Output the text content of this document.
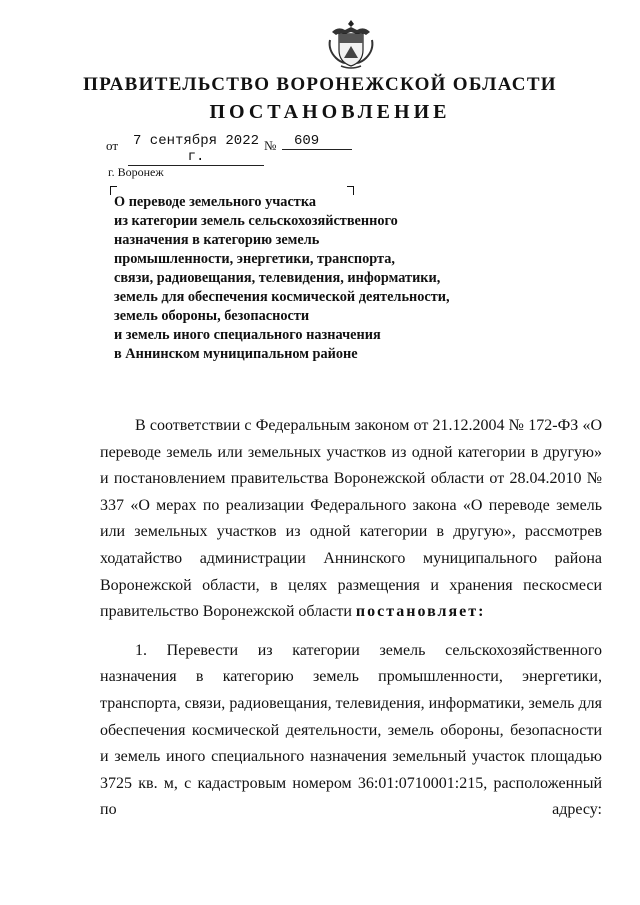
ПРАВИТЕЛЬСТВО ВОРОНЕЖСКОЙ ОБЛАСТИ
ПОСТАНОВЛЕНИЕ
от	7 сентября 2022 г.
№	609
г. Воронеж
О переводе земельного участка
из категории земель сельскохозяйственного
назначения в категорию земель
промышленности, энергетики, транспорта,
связи, радиовещания, телевидения, информатики,
земель для обеспечения космической деятельности,
земель обороны, безопасности
и земель иного специального назначения
в Аннинском муниципальном районе

В соответствии с Федеральным законом от 21.12.2004 № 172-ФЗ «О переводе земель или земельных участков из одной категории в другую» и постановлением правительства Воронежской области от 28.04.2010 № 337 «О мерах по реализации Федерального закона «О переводе земель или земельных участков из одной категории в другую», рассмотрев ходатайство администрации Аннинского муниципального района Воронежской области, в целях размещения и хранения пескосмеси правительство Воронежской области постановляет:

1. Перевести из категории земель сельскохозяйственного назначения в категорию земель промышленности, энергетики, транспорта, связи, радиовещания, телевидения, информатики, земель для обеспечения космической деятельности, земель обороны, безопасности и земель иного специального назначения земельный участок площадью 3725 кв. м, с кадастровым номером 36:01:0710001:215, расположенный по адресу:
